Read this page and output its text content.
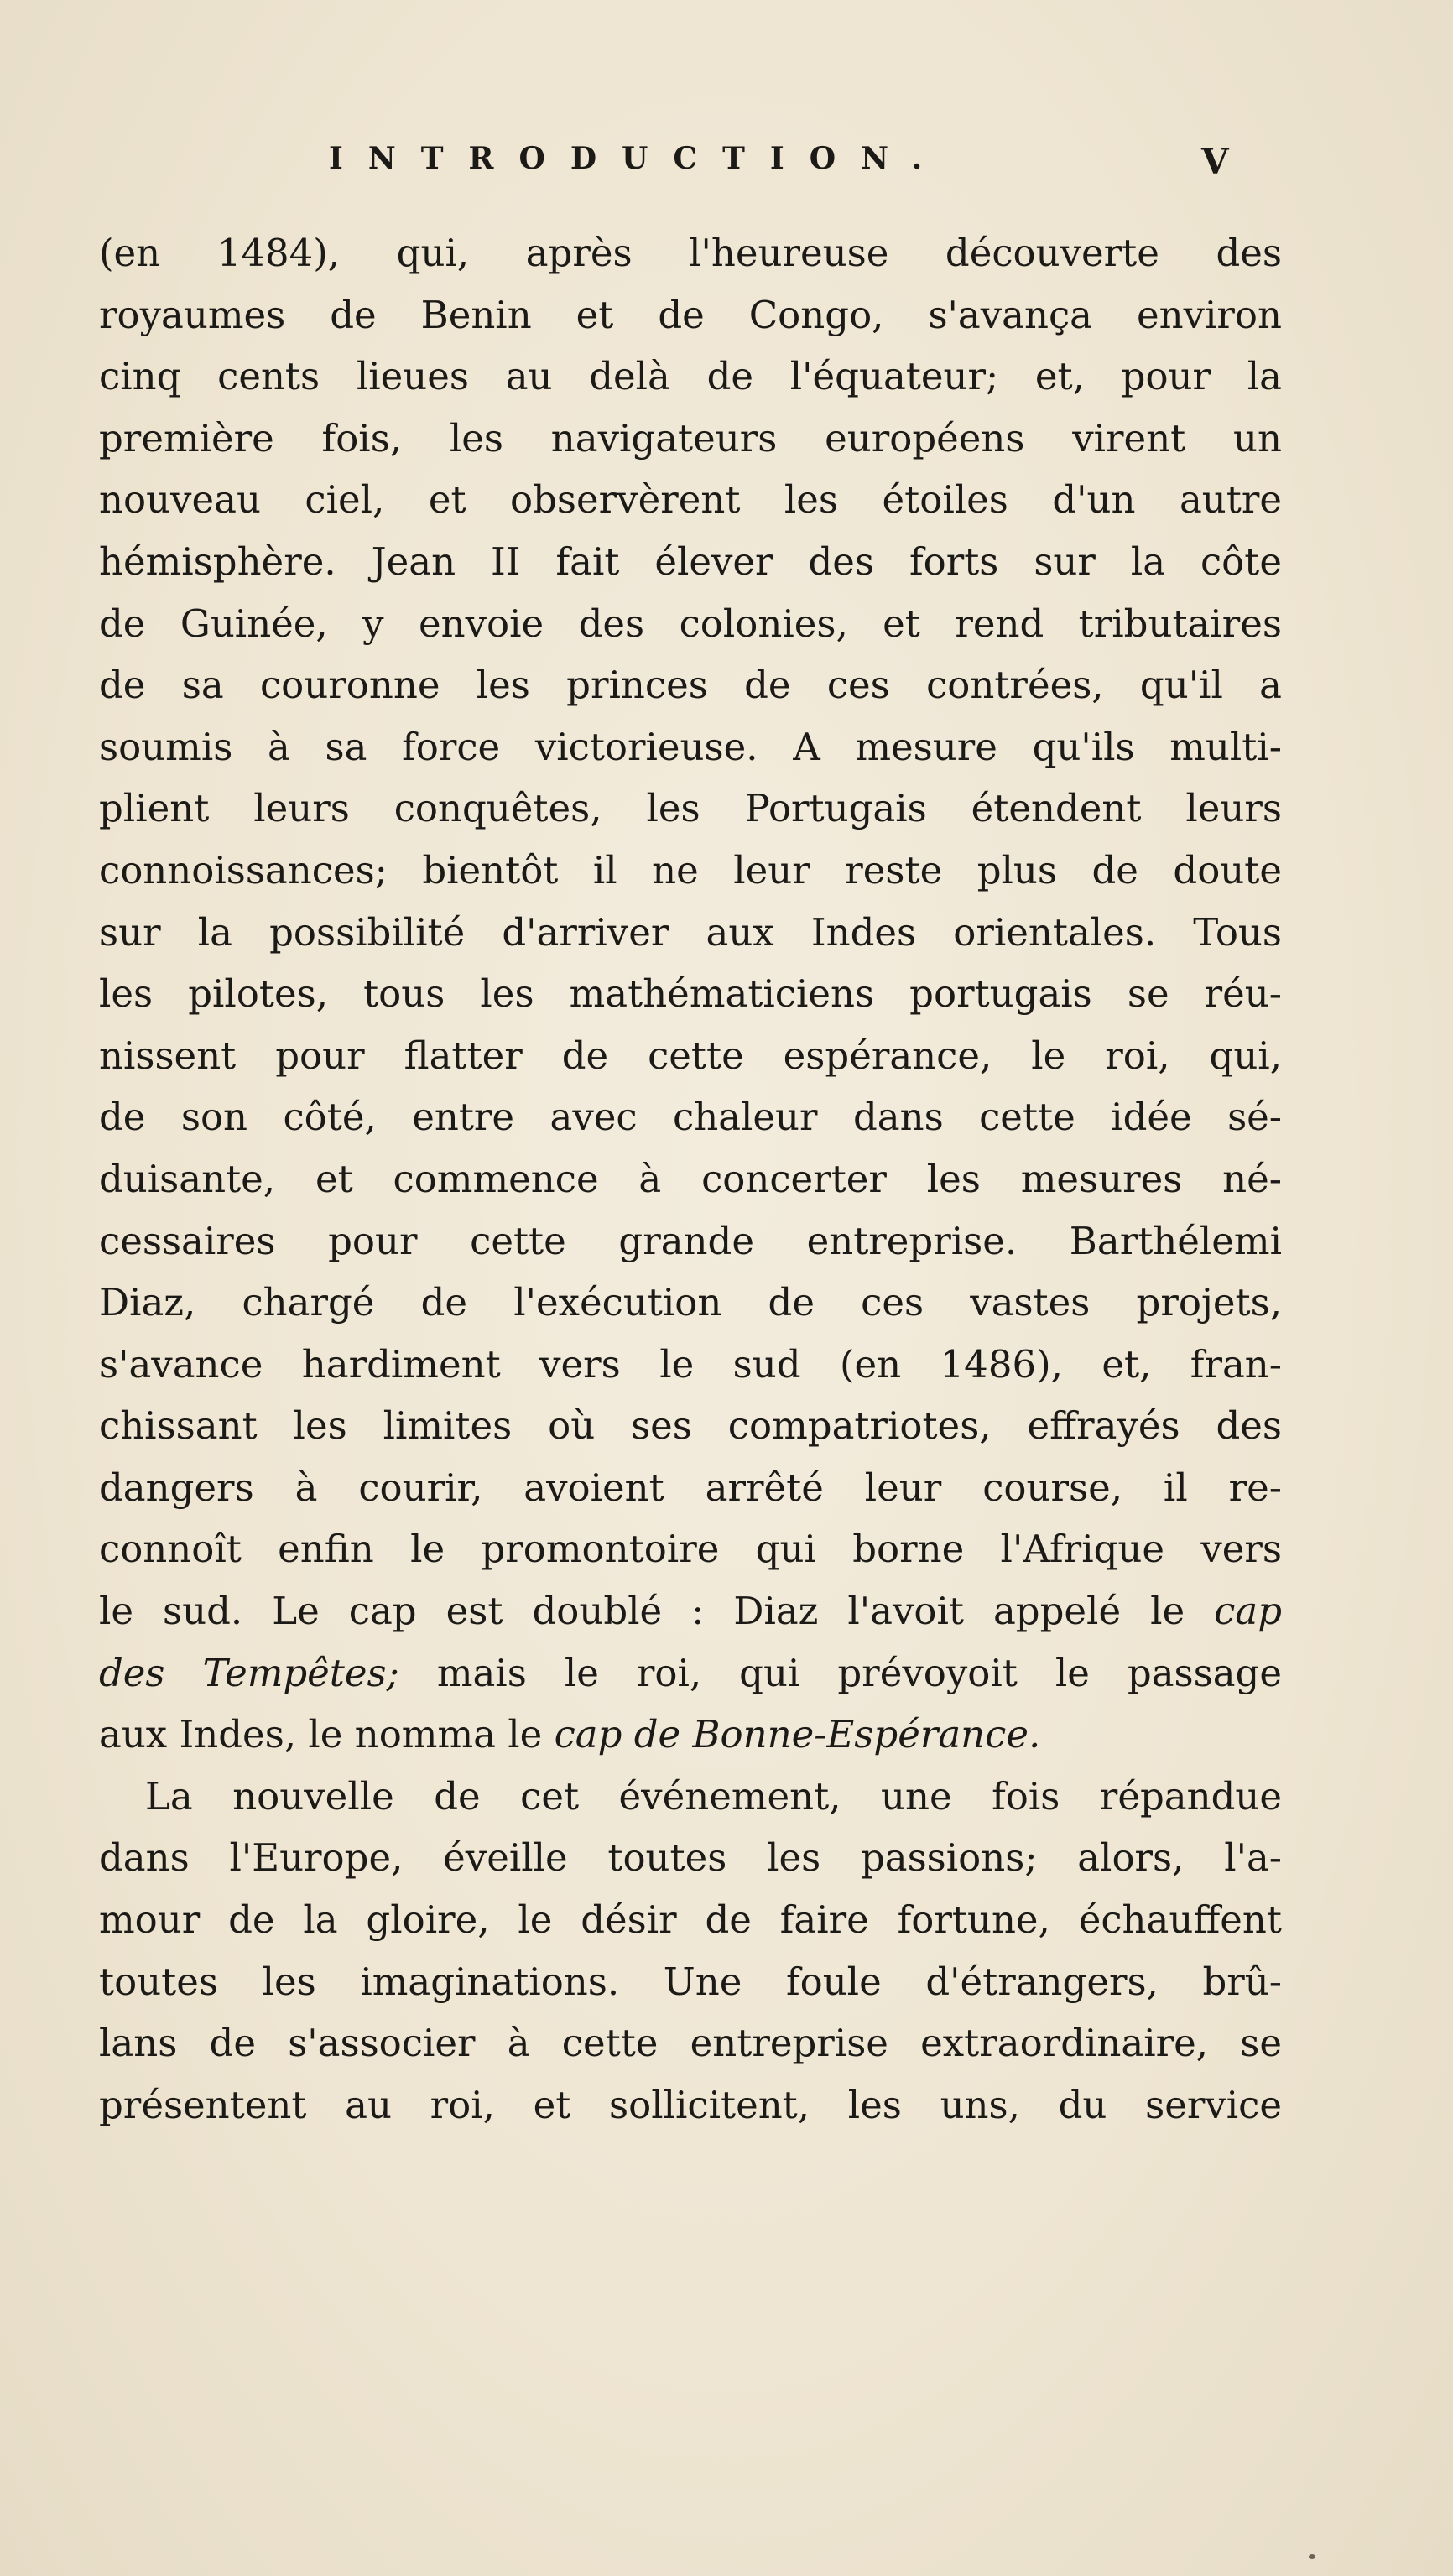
INTRODUCTION.	V
(en 1484), qui, après l'heureuse découverte des
royaumes de Benin et de Congo, s'avança environ
cinq cents lieues au delà de l'équateur; et, pour la
première fois, les navigateurs européens virent un
nouveau ciel, et observèrent les étoiles d'un autre
hémisphère. Jean II fait élever des forts sur la côte
de Guinée, y envoie des colonies, et rend tributaires
de sa couronne les princes de ces contrées, qu'il a
soumis à sa force victorieuse. A mesure qu'ils multi-
plient leurs conquêtes, les Portugais étendent leurs
connoissances; bientôt il ne leur reste plus de doute
sur la possibilité d'arriver aux Indes orientales. Tous
les pilotes, tous les mathématiciens portugais se réu-
nissent pour flatter de cette espérance, le roi, qui,
de son côté, entre avec chaleur dans cette idée sé-
duisante, et commence à concerter les mesures né-
cessaires pour cette grande entreprise. Barthélemi
Diaz, chargé de l'exécution de ces vastes projets,
s'avance hardiment vers le sud (en 1486), et, fran-
chissant les limites où ses compatriotes, effrayés des
dangers à courir, avoient arrêté leur course, il re-
connoît enfin le promontoire qui borne l'Afrique vers
le sud. Le cap est doublé : Diaz l'avoit appelé le cap
des Tempêtes; mais le roi, qui prévoyoit le passage
aux Indes, le nomma le cap de Bonne-Espérance.
La nouvelle de cet événement, une fois répandue
dans l'Europe, éveille toutes les passions; alors, l'a-
mour de la gloire, le désir de faire fortune, échauffent
toutes les imaginations. Une foule d'étrangers, brû-
lans de s'associer à cette entreprise extraordinaire, se
présentent au roi, et sollicitent, les uns, du service
